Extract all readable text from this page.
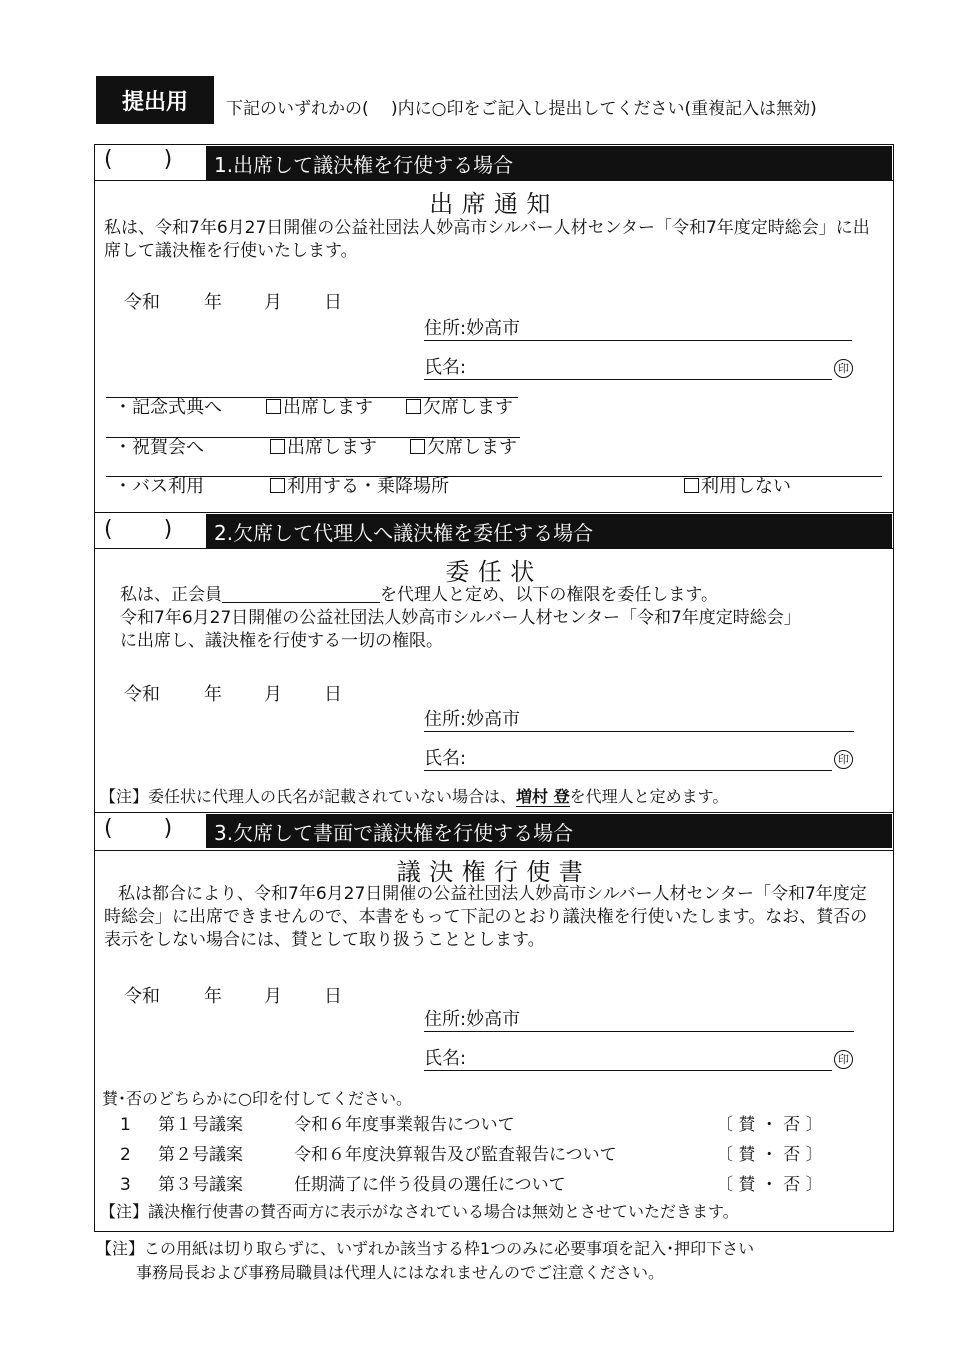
提出用	下記のいずれかの(　 )内に○印をご記入し提出してください(重複記入は無効)
(　　 )	1.出席して議決権を行使する場合
出席通知
私は、令和7年6月27日開催の公益社団法人妙高市シルバー人材センター「令和7年度定時総会」に出席して議決権を行使いたします。
令和 年 月 日
住所:妙高市
氏名:	印
・記念式典へ	出席します	欠席します
・祝賀会へ	出席します	欠席します
・バス利用	利用する・乗降場所	利用しない
(　　 )	2.欠席して代理人へ議決権を委任する場合
委任状
私は、正会員	を代理人と定め、以下の権限を委任します。
令和7年6月27日開催の公益社団法人妙高市シルバー人材センター「令和7年度定時総会」に出席し、議決権を行使する一切の権限。
令和 年 月 日
住所:妙高市
氏名:	印
【注】委任状に代理人の氏名が記載されていない場合は、増村 登を代理人と定めます。
(　　 )	3.欠席して書面で議決権を行使する場合
議決権行使書
私は都合により、令和7年6月27日開催の公益社団法人妙高市シルバー人材センター「令和7年度定時総会」に出席できませんので、本書をもって下記のとおり議決権を行使いたします。なお、賛否の表示をしない場合には、賛として取り扱うこととします。
令和 年 月 日
住所:妙高市
氏名:	印
賛･否のどちらかに○印を付してください。
1 第１号議案	令和６年度事業報告について	〔 賛 ・ 否 〕
2 第２号議案	令和６年度決算報告及び監査報告について	〔 賛 ・ 否 〕
3 第３号議案	任期満了に伴う役員の選任について	〔 賛 ・ 否 〕
【注】議決権行使書の賛否両方に表示がなされている場合は無効とさせていただきます。
【注】この用紙は切り取らずに、いずれか該当する枠1つのみに必要事項を記入･押印下さい
事務局長および事務局職員は代理人にはなれませんのでご注意ください。
